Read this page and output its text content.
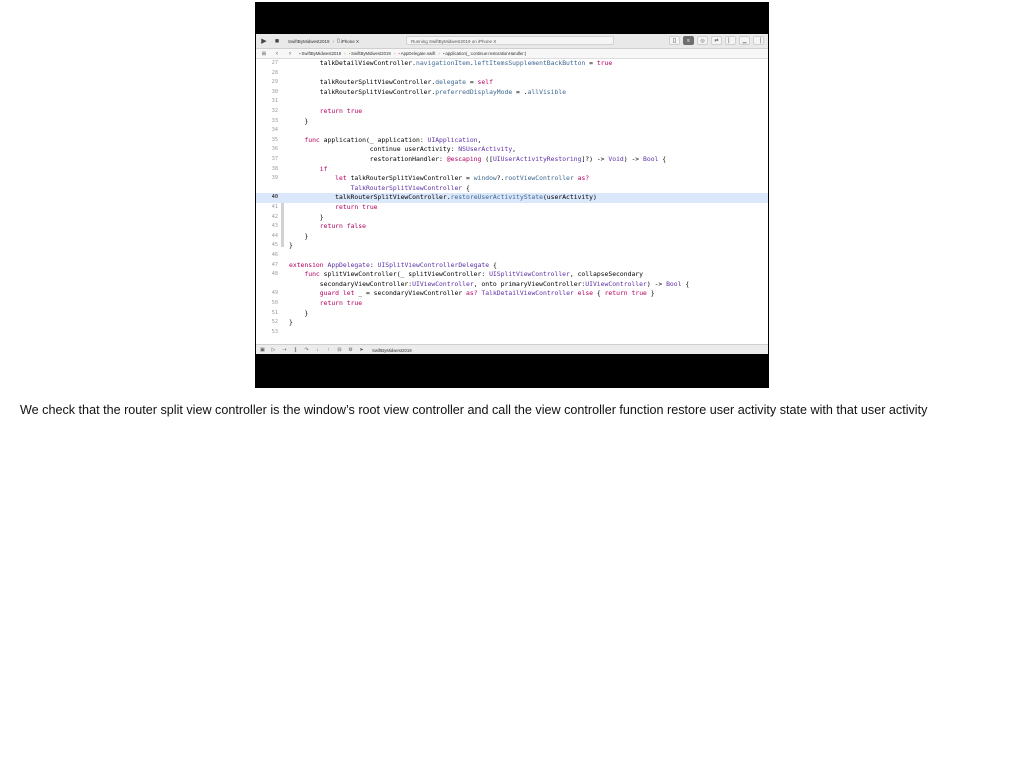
▶	■	SwiftByMidwest2019 › ▯ iPhone X	Running SwiftByMidwest2019 on iPhone X	[]	≡	◎	⇄	▏	▁	▕
⊞	‹	›	▪ SwiftByMidwest2019 › ▪ SwiftByMidwest2019 › ▪ AppDelegate.swift › ▪ application(_:continue:restorationHandler:)
27 talkDetailViewController.navigationItem.leftItemsSupplementBackButton = true
28
29 talkRouterSplitViewController.delegate = self
30 talkRouterSplitViewController.preferredDisplayMode = .allVisible
31
32	return true
33 }
34
35	func application(_ application: UIApplication,
36 continue userActivity: NSUserActivity,
37 restorationHandler: @escaping ([UIUserActivityRestoring]?) -> Void) -> Bool {
38	if
39	let talkRouterSplitViewController = window?.rootViewController as?
TalkRouterSplitViewController {
40 talkRouterSplitViewController.restoreUserActivityState(userActivity)
41	return true
42 }
43	return false
44 }
45 }
46
47 extension AppDelegate: UISplitViewControllerDelegate {
48	func splitViewController(_ splitViewController: UISplitViewController, collapseSecondary
secondaryViewController:UIViewController, onto primaryViewController:UIViewController) -> Bool {
49	guard let _ = secondaryViewController as? TalkDetailViewController else { return true }
50	return true
51 }
52 }
53
▣	▷	⇢	∥	↷	↓	↑	⊟	⚙	➤	SwiftByMidwest2019
We check that the router split view controller is the window’s root view controller and call the view controller function restore user activity state with that user activity
